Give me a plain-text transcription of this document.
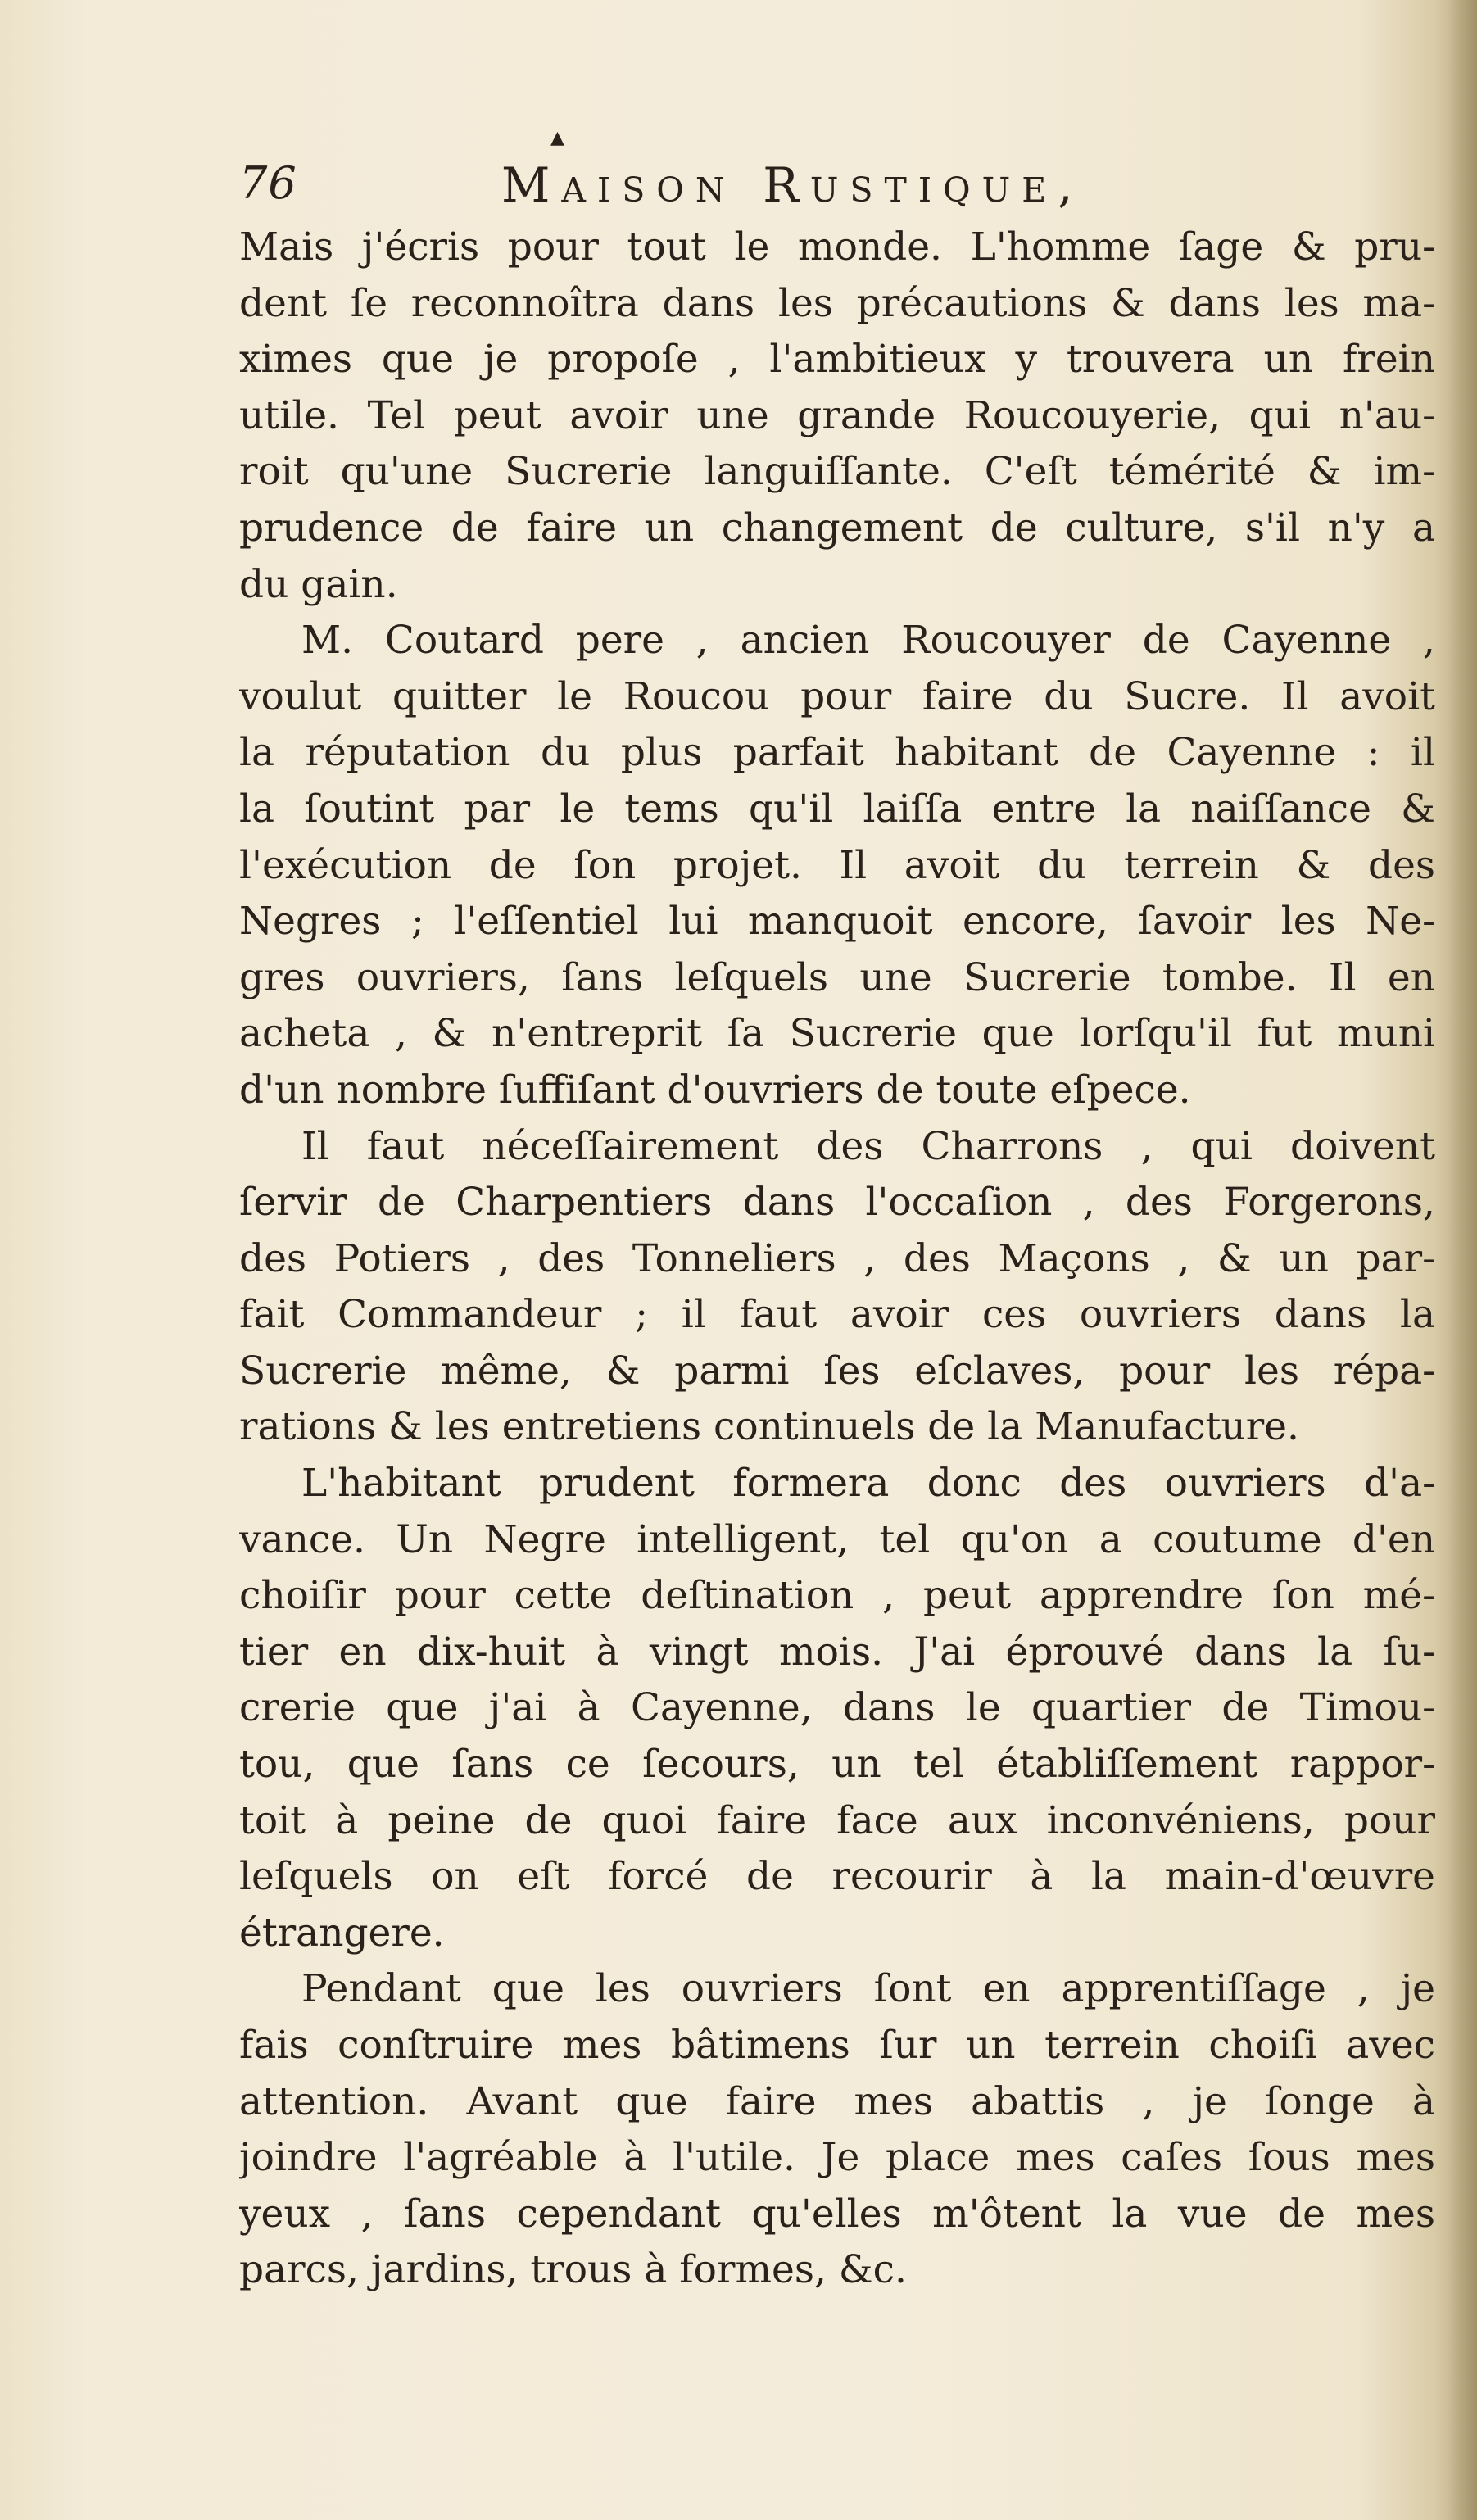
▲
76	Maison Rustique,
Mais j'écris pour tout le monde. L'homme ſage & pru-
dent ſe reconnoîtra dans les précautions & dans les ma-
ximes que je propoſe , l'ambitieux y trouvera un frein
utile. Tel peut avoir une grande Roucouyerie, qui n'au-
roit qu'une Sucrerie languiſſante. C'eſt témérité & im-
prudence de faire un changement de culture, s'il n'y a
du gain.
M. Coutard pere , ancien Roucouyer de Cayenne ,
voulut quitter le Roucou pour faire du Sucre. Il avoit
la réputation du plus parfait habitant de Cayenne : il
la ſoutint par le tems qu'il laiſſa entre la naiſſance &
l'exécution de ſon projet. Il avoit du terrein & des
Negres ; l'eſſentiel lui manquoit encore, ſavoir les Ne-
gres ouvriers, ſans leſquels une Sucrerie tombe. Il en
acheta , & n'entreprit ſa Sucrerie que lorſqu'il fut muni
d'un nombre ſuffiſant d'ouvriers de toute eſpece.
Il faut néceſſairement des Charrons , qui doivent
ſervir de Charpentiers dans l'occaſion , des Forgerons,
des Potiers , des Tonneliers , des Maçons , & un par-
fait Commandeur ; il faut avoir ces ouvriers dans la
Sucrerie même, & parmi ſes eſclaves, pour les répa-
rations & les entretiens continuels de la Manufacture.
L'habitant prudent formera donc des ouvriers d'a-
vance. Un Negre intelligent, tel qu'on a coutume d'en
choiſir pour cette deſtination , peut apprendre ſon mé-
tier en dix-huit à vingt mois. J'ai éprouvé dans la ſu-
crerie que j'ai à Cayenne, dans le quartier de Timou-
tou, que ſans ce ſecours, un tel établiſſement rappor-
toit à peine de quoi faire face aux inconvéniens, pour
leſquels on eſt forcé de recourir à la main-d'œuvre
étrangere.
Pendant que les ouvriers ſont en apprentiſſage , je
fais conſtruire mes bâtimens ſur un terrein choiſi avec
attention. Avant que faire mes abattis , je ſonge à
joindre l'agréable à l'utile. Je place mes caſes ſous mes
yeux , ſans cependant qu'elles m'ôtent la vue de mes
parcs, jardins, trous à formes, &c.
